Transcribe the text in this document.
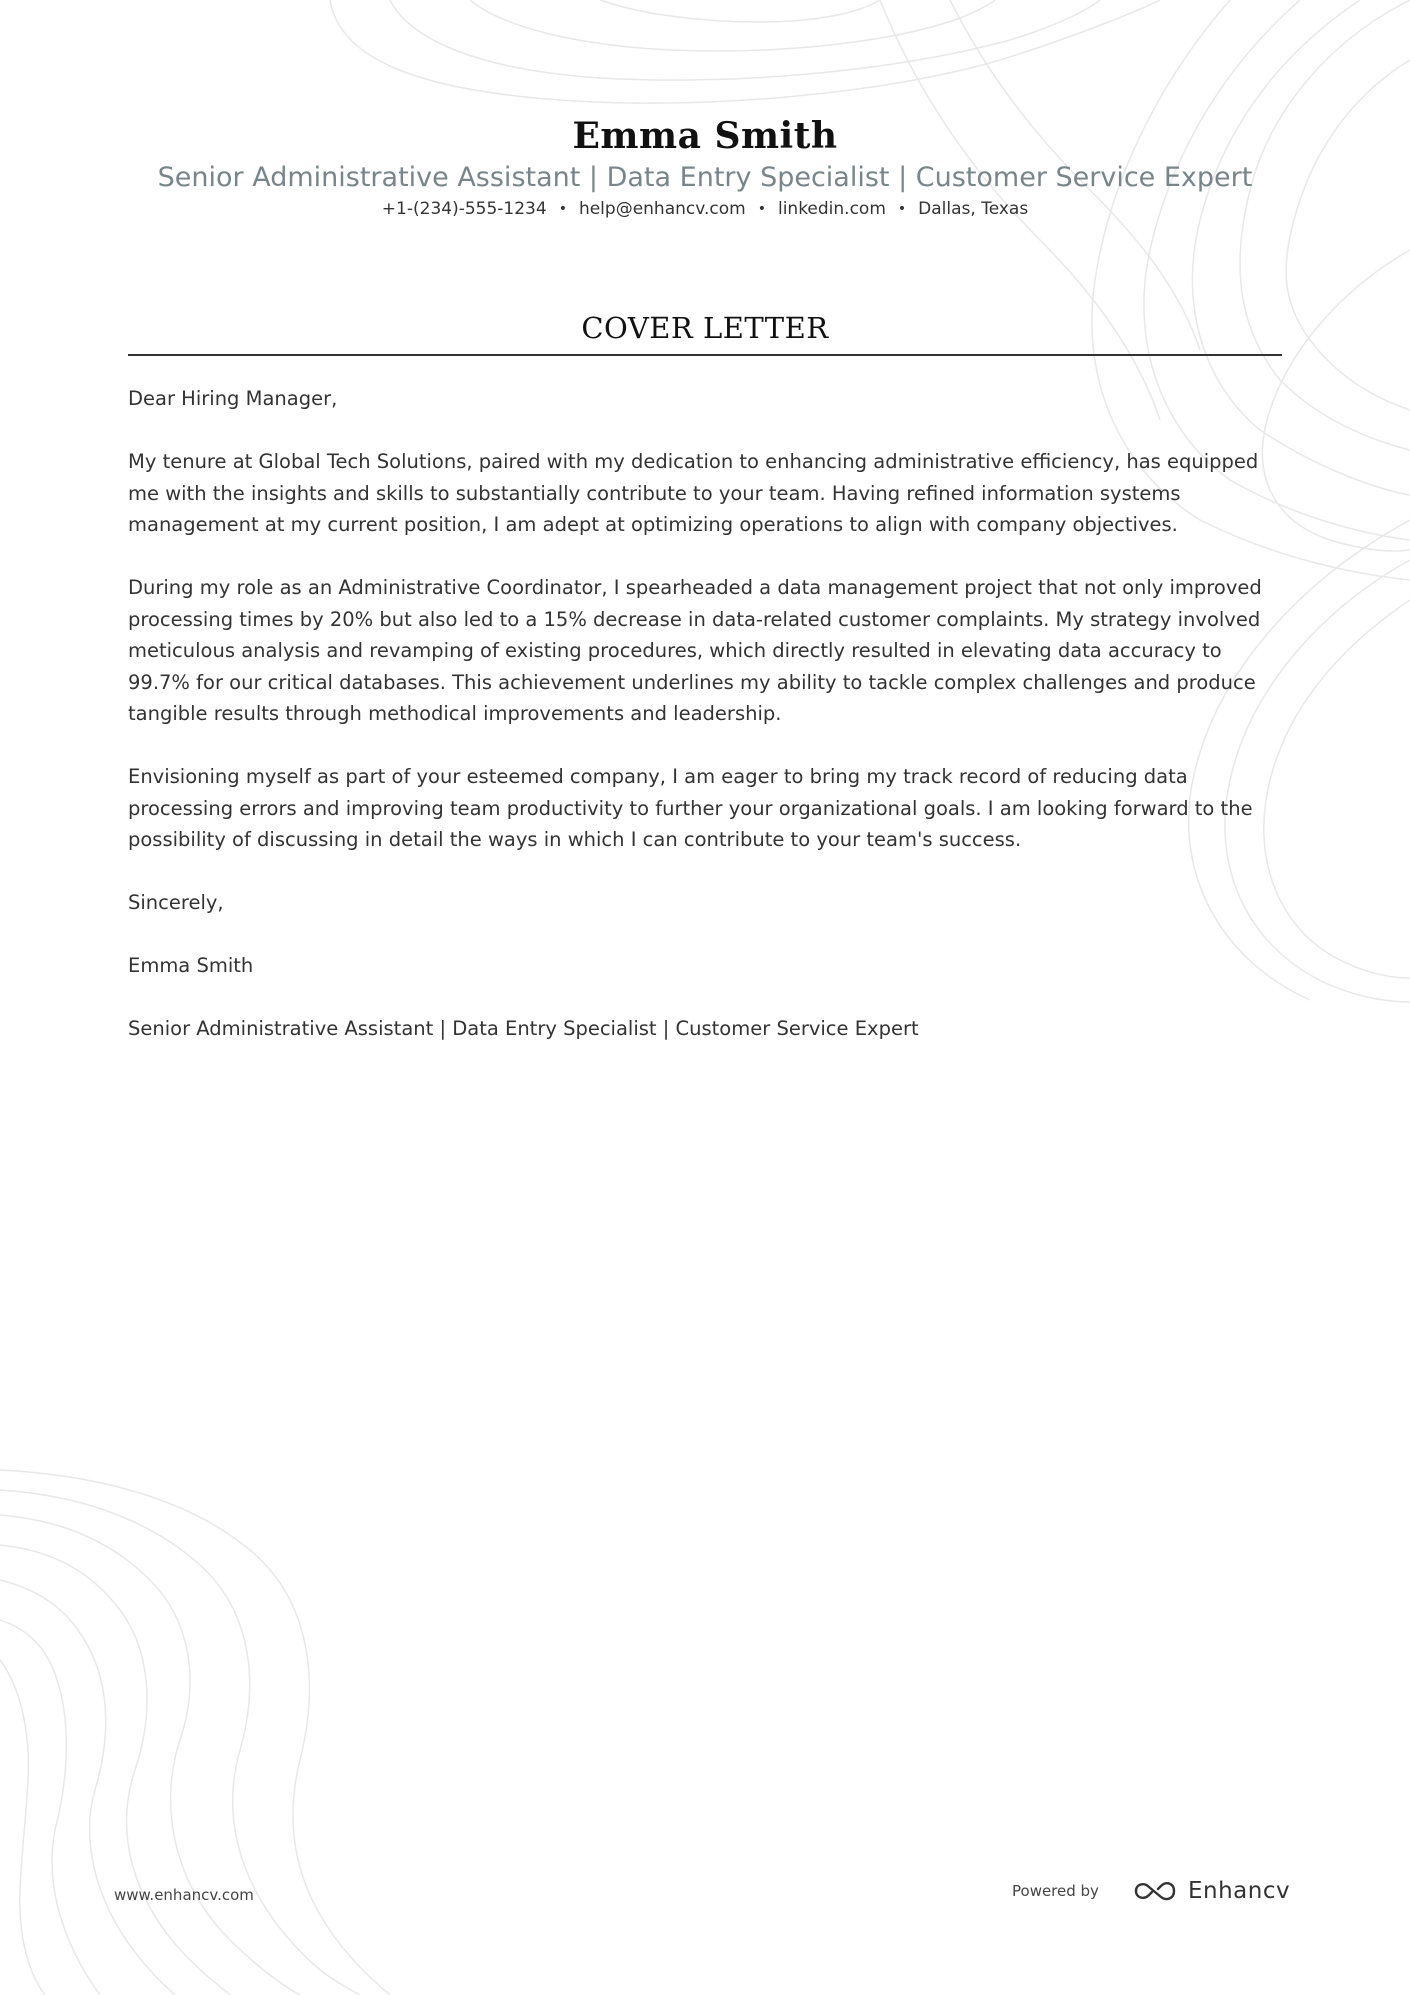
Emma Smith
Senior Administrative Assistant | Data Entry Specialist | Customer Service Expert
+1-(234)-555-1234 • help@enhancv.com • linkedin.com • Dallas, Texas
COVER LETTER

Dear Hiring Manager,

My tenure at Global Tech Solutions, paired with my dedication to enhancing administrative efficiency, has equipped me with the insights and skills to substantially contribute to your team. Having refined information systems management at my current position, I am adept at optimizing operations to align with company objectives.

During my role as an Administrative Coordinator, I spearheaded a data management project that not only improved processing times by 20% but also led to a 15% decrease in data-related customer complaints. My strategy involved meticulous analysis and revamping of existing procedures, which directly resulted in elevating data accuracy to 99.7% for our critical databases. This achievement underlines my ability to tackle complex challenges and produce tangible results through methodical improvements and leadership.

Envisioning myself as part of your esteemed company, I am eager to bring my track record of reducing data processing errors and improving team productivity to further your organizational goals. I am looking forward to the possibility of discussing in detail the ways in which I can contribute to your team's success.

Sincerely,

Emma Smith

Senior Administrative Assistant | Data Entry Specialist | Customer Service Expert

www.enhancv.com	Powered by	Enhancv
